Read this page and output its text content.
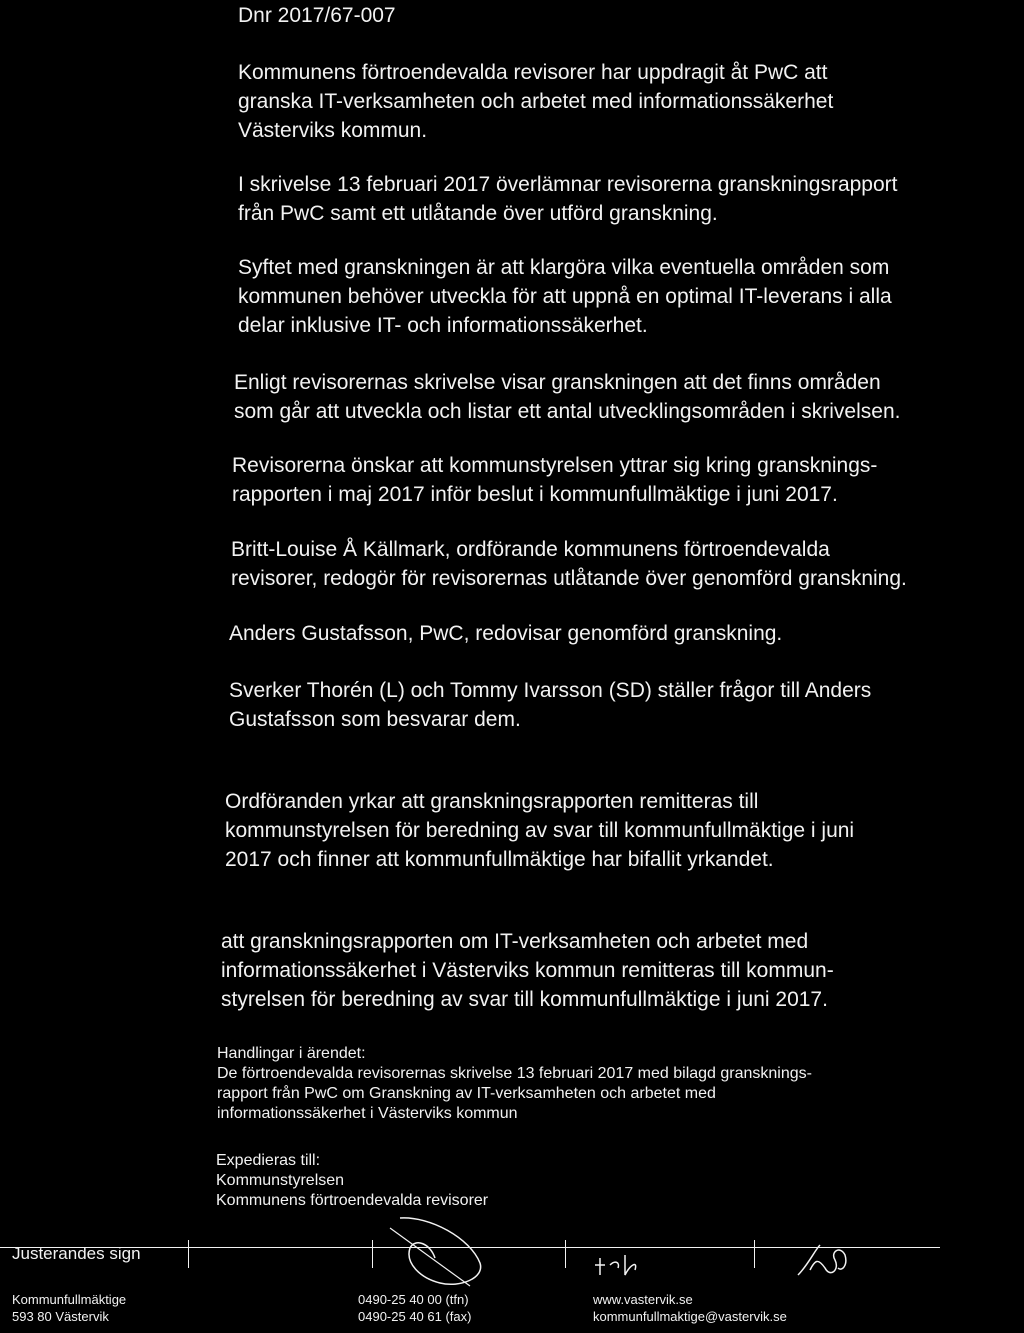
Dnr 2017/67-007
Kommunens förtroendevalda revisorer har uppdragit åt PwC att
granska IT-verksamheten och arbetet med informationssäkerhet
Västerviks kommun.
I skrivelse 13 februari 2017 överlämnar revisorerna granskningsrapport
från PwC samt ett utlåtande över utförd granskning.
Syftet med granskningen är att klargöra vilka eventuella områden som
kommunen behöver utveckla för att uppnå en optimal IT-leverans i alla
delar inklusive IT- och informationssäkerhet.
Enligt revisorernas skrivelse visar granskningen att det finns områden
som går att utveckla och listar ett antal utvecklingsområden i skrivelsen.
Revisorerna önskar att kommunstyrelsen yttrar sig kring gransknings-
rapporten i maj 2017 inför beslut i kommunfullmäktige i juni 2017.
Britt-Louise Å Källmark, ordförande kommunens förtroendevalda
revisorer, redogör för revisorernas utlåtande över genomförd granskning.
Anders Gustafsson, PwC, redovisar genomförd granskning.
Sverker Thorén (L) och Tommy Ivarsson (SD) ställer frågor till Anders
Gustafsson som besvarar dem.
Ordföranden yrkar att granskningsrapporten remitteras till
kommunstyrelsen för beredning av svar till kommunfullmäktige i juni
2017 och finner att kommunfullmäktige har bifallit yrkandet.
att granskningsrapporten om IT-verksamheten och arbetet med
informationssäkerhet i Västerviks kommun remitteras till kommun-
styrelsen för beredning av svar till kommunfullmäktige i juni 2017.
Handlingar i ärendet:
De förtroendevalda revisorernas skrivelse 13 februari 2017 med bilagd gransknings-
rapport från PwC om Granskning av IT-verksamheten och arbetet med
informationssäkerhet i Västerviks kommun
Expedieras till:
Kommunstyrelsen
Kommunens förtroendevalda revisorer
Justerandes sign
Kommunfullmäktige
593 80 Västervik
0490-25 40 00 (tfn)
0490-25 40 61 (fax)
www.vastervik.se
kommunfullmaktige@vastervik.se
